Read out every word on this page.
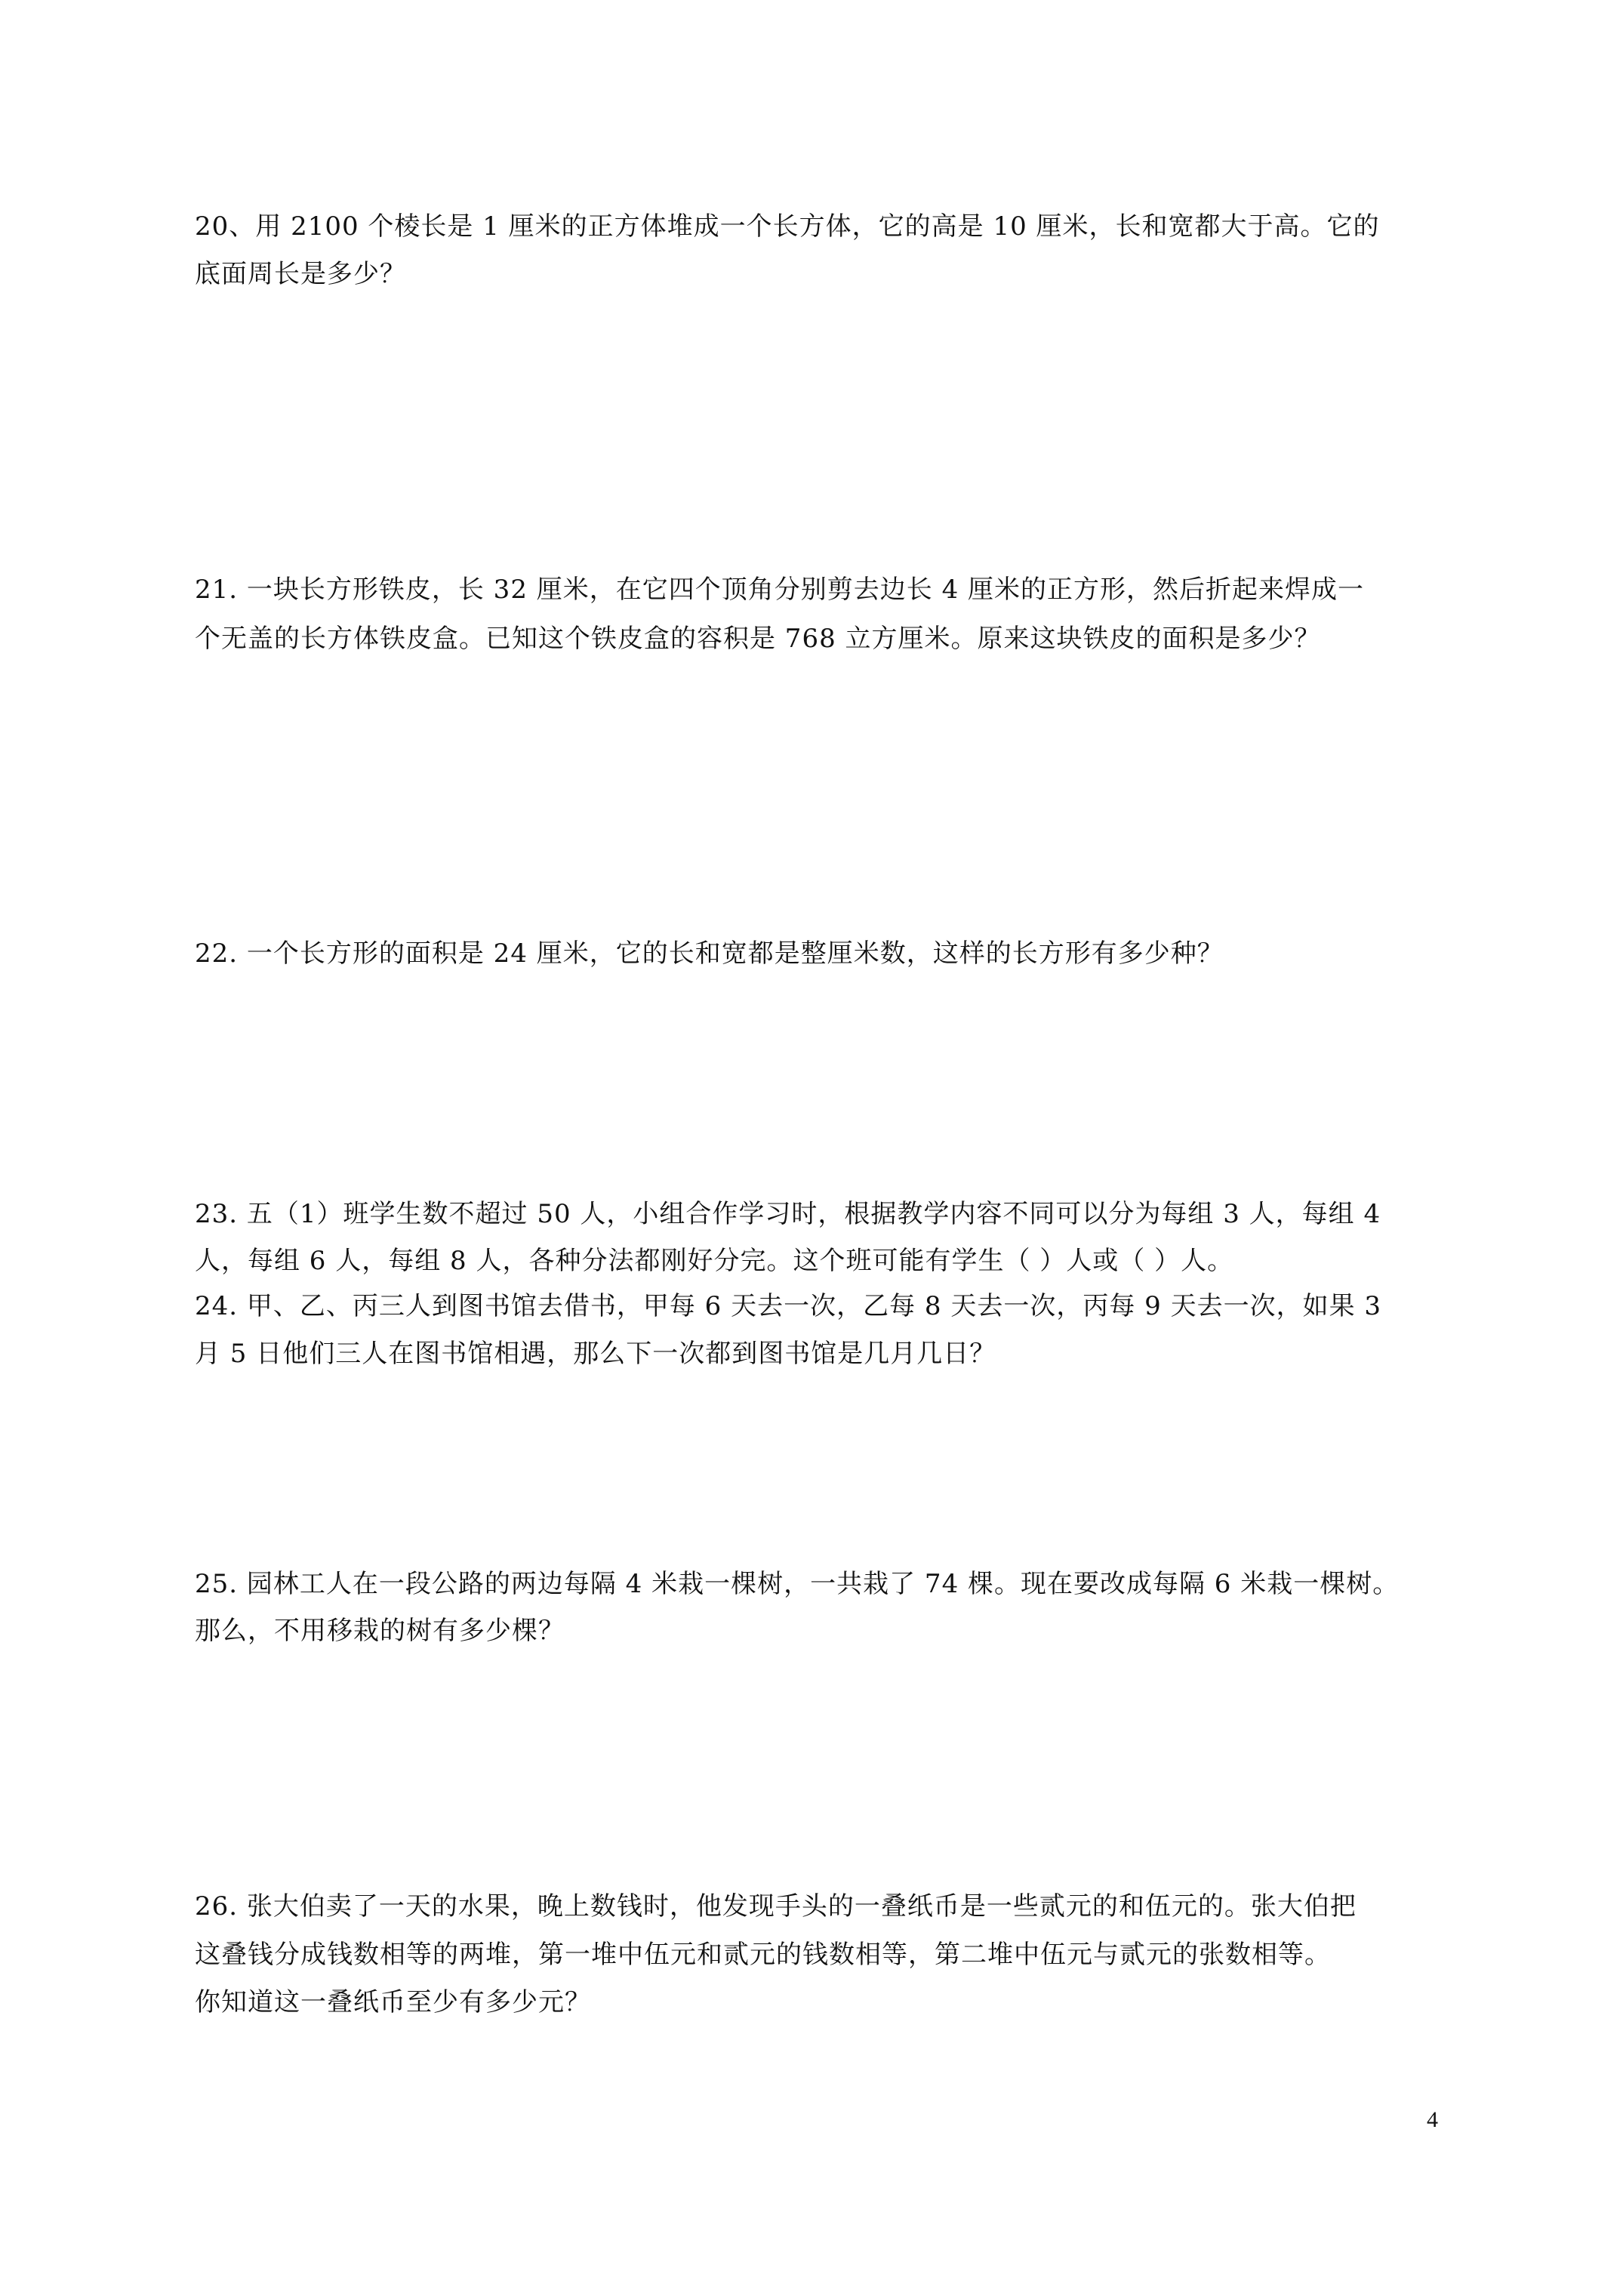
20、用 2100 个棱长是 1 厘米的正方体堆成一个长方体，它的高是 10 厘米，长和宽都大于高。它的
底面周长是多少？
21. 一块长方形铁皮，长 32 厘米，在它四个顶角分别剪去边长 4 厘米的正方形，然后折起来焊成一
个无盖的长方体铁皮盒。已知这个铁皮盒的容积是 768 立方厘米。原来这块铁皮的面积是多少？
22. 一个长方形的面积是 24 厘米，它的长和宽都是整厘米数，这样的长方形有多少种？
23. 五（1）班学生数不超过 50 人，小组合作学习时，根据教学内容不同可以分为每组 3 人，每组 4
人，每组 6 人，每组 8 人，各种分法都刚好分完。这个班可能有学生（ ）人或（ ）人。
24. 甲、乙、丙三人到图书馆去借书，甲每 6 天去一次，乙每 8 天去一次，丙每 9 天去一次，如果 3
月 5 日他们三人在图书馆相遇，那么下一次都到图书馆是几月几日？
25. 园林工人在一段公路的两边每隔 4 米栽一棵树，一共栽了 74 棵。现在要改成每隔 6 米栽一棵树。
那么，不用移栽的树有多少棵？
26. 张大伯卖了一天的水果，晚上数钱时，他发现手头的一叠纸币是一些贰元的和伍元的。张大伯把
这叠钱分成钱数相等的两堆，第一堆中伍元和贰元的钱数相等，第二堆中伍元与贰元的张数相等。
你知道这一叠纸币至少有多少元？
4
